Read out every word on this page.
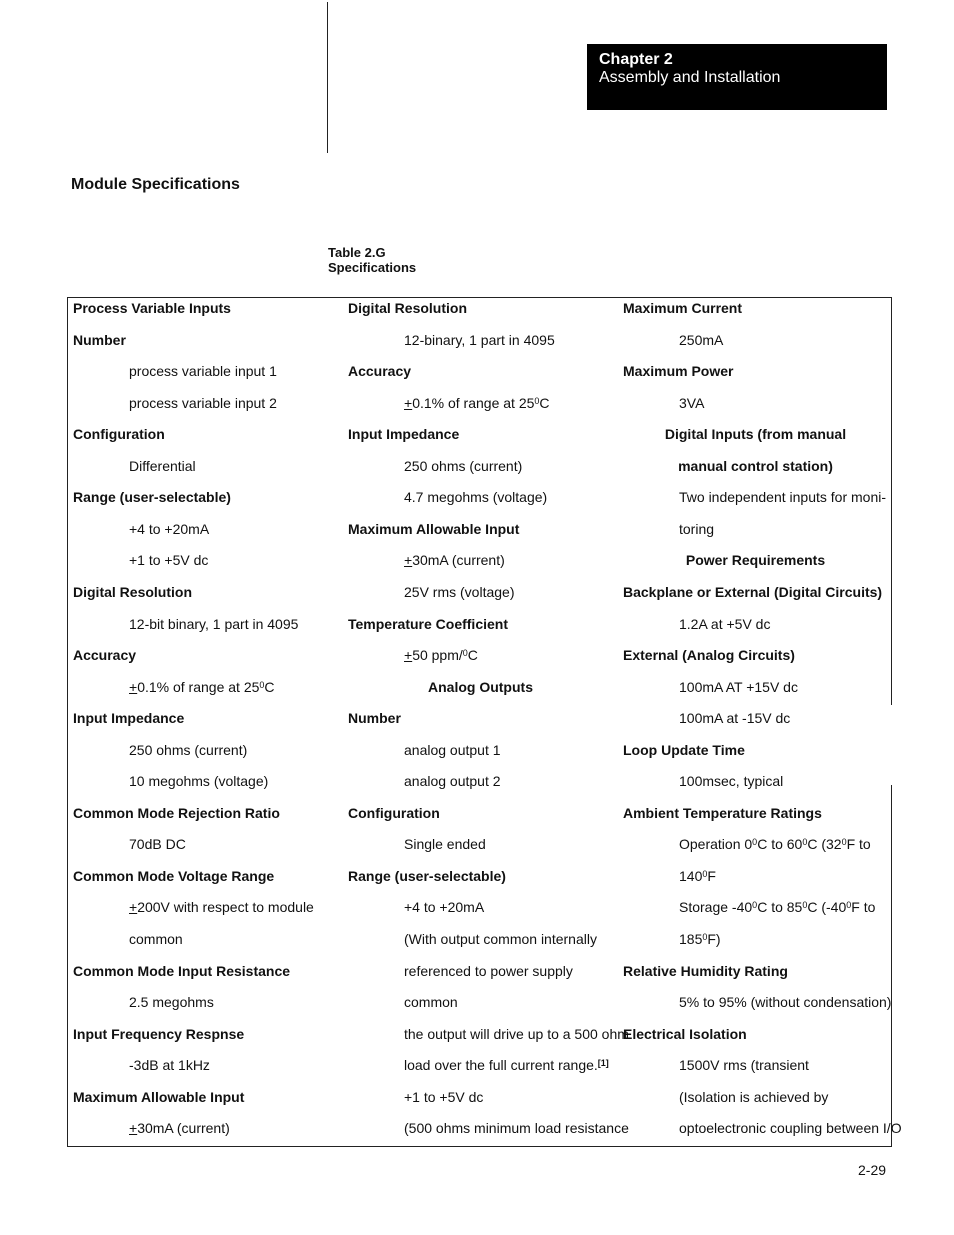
Chapter 2
Assembly and Installation
Module Specifications
Table 2.G
Specifications
Process Variable Inputs
Number
process variable input 1
process variable input 2
Configuration
Differential
Range (user-selectable)
+4 to +20mA
+1 to +5V dc
Digital Resolution
12-bit binary, 1 part in 4095
Accuracy
+0.1% of range at $25^0C$
Input Impedance
250 ohms (current)
10 megohms (voltage)
Common Mode Rejection Ratio
70dB DC
Common Mode Voltage Range
+200V with respect to module
common
Common Mode Input Resistance
2.5 megohms
Input Frequency Respnse
-3dB at 1kHz
Maximum Allowable Input
+30mA (current)
Digital Resolution
12-binary, 1 part in 4095
Accuracy
+0.1% of range at $25^0C$
Input Impedance
250 ohms (current)
4.7 megohms (voltage)
Maximum Allowable Input
+30mA (current)
25V rms (voltage)
Temperature Coefficient
+50 ppm/$^0$C
Analog Outputs
Number
analog output 1
analog output 2
Configuration
Single ended
Range (user-selectable)
+4 to +20mA
(With output common internally
referenced to power supply
common
the output will drive up to a 500 ohm
load over the full current range.[1]
+1 to +5V dc
(500 ohms minimum load resistance
Maximum Current
250mA
Maximum Power
3VA
Digital Inputs (from manual
manual control station)
Two independent inputs for moni-
toring
Power Requirements
Backplane or External (Digital Circuits)
1.2A at +5V dc
External (Analog Circuits)
100mA AT +15V dc
100mA at -15V dc
Loop Update Time
100msec, typical
Ambient Temperature Ratings
Operation $0^0C$ to $60^0C$ ($32^0F$ to
$140^0F$
Storage $-40^0C$ to $85^0C$ ($-40^0F$ to
$185^0F$)
Relative Humidity Rating
5% to 95% (without condensation)
Electrical Isolation
1500V rms (transient
(Isolation is achieved by
optoelectronic coupling between I/O
2-29
